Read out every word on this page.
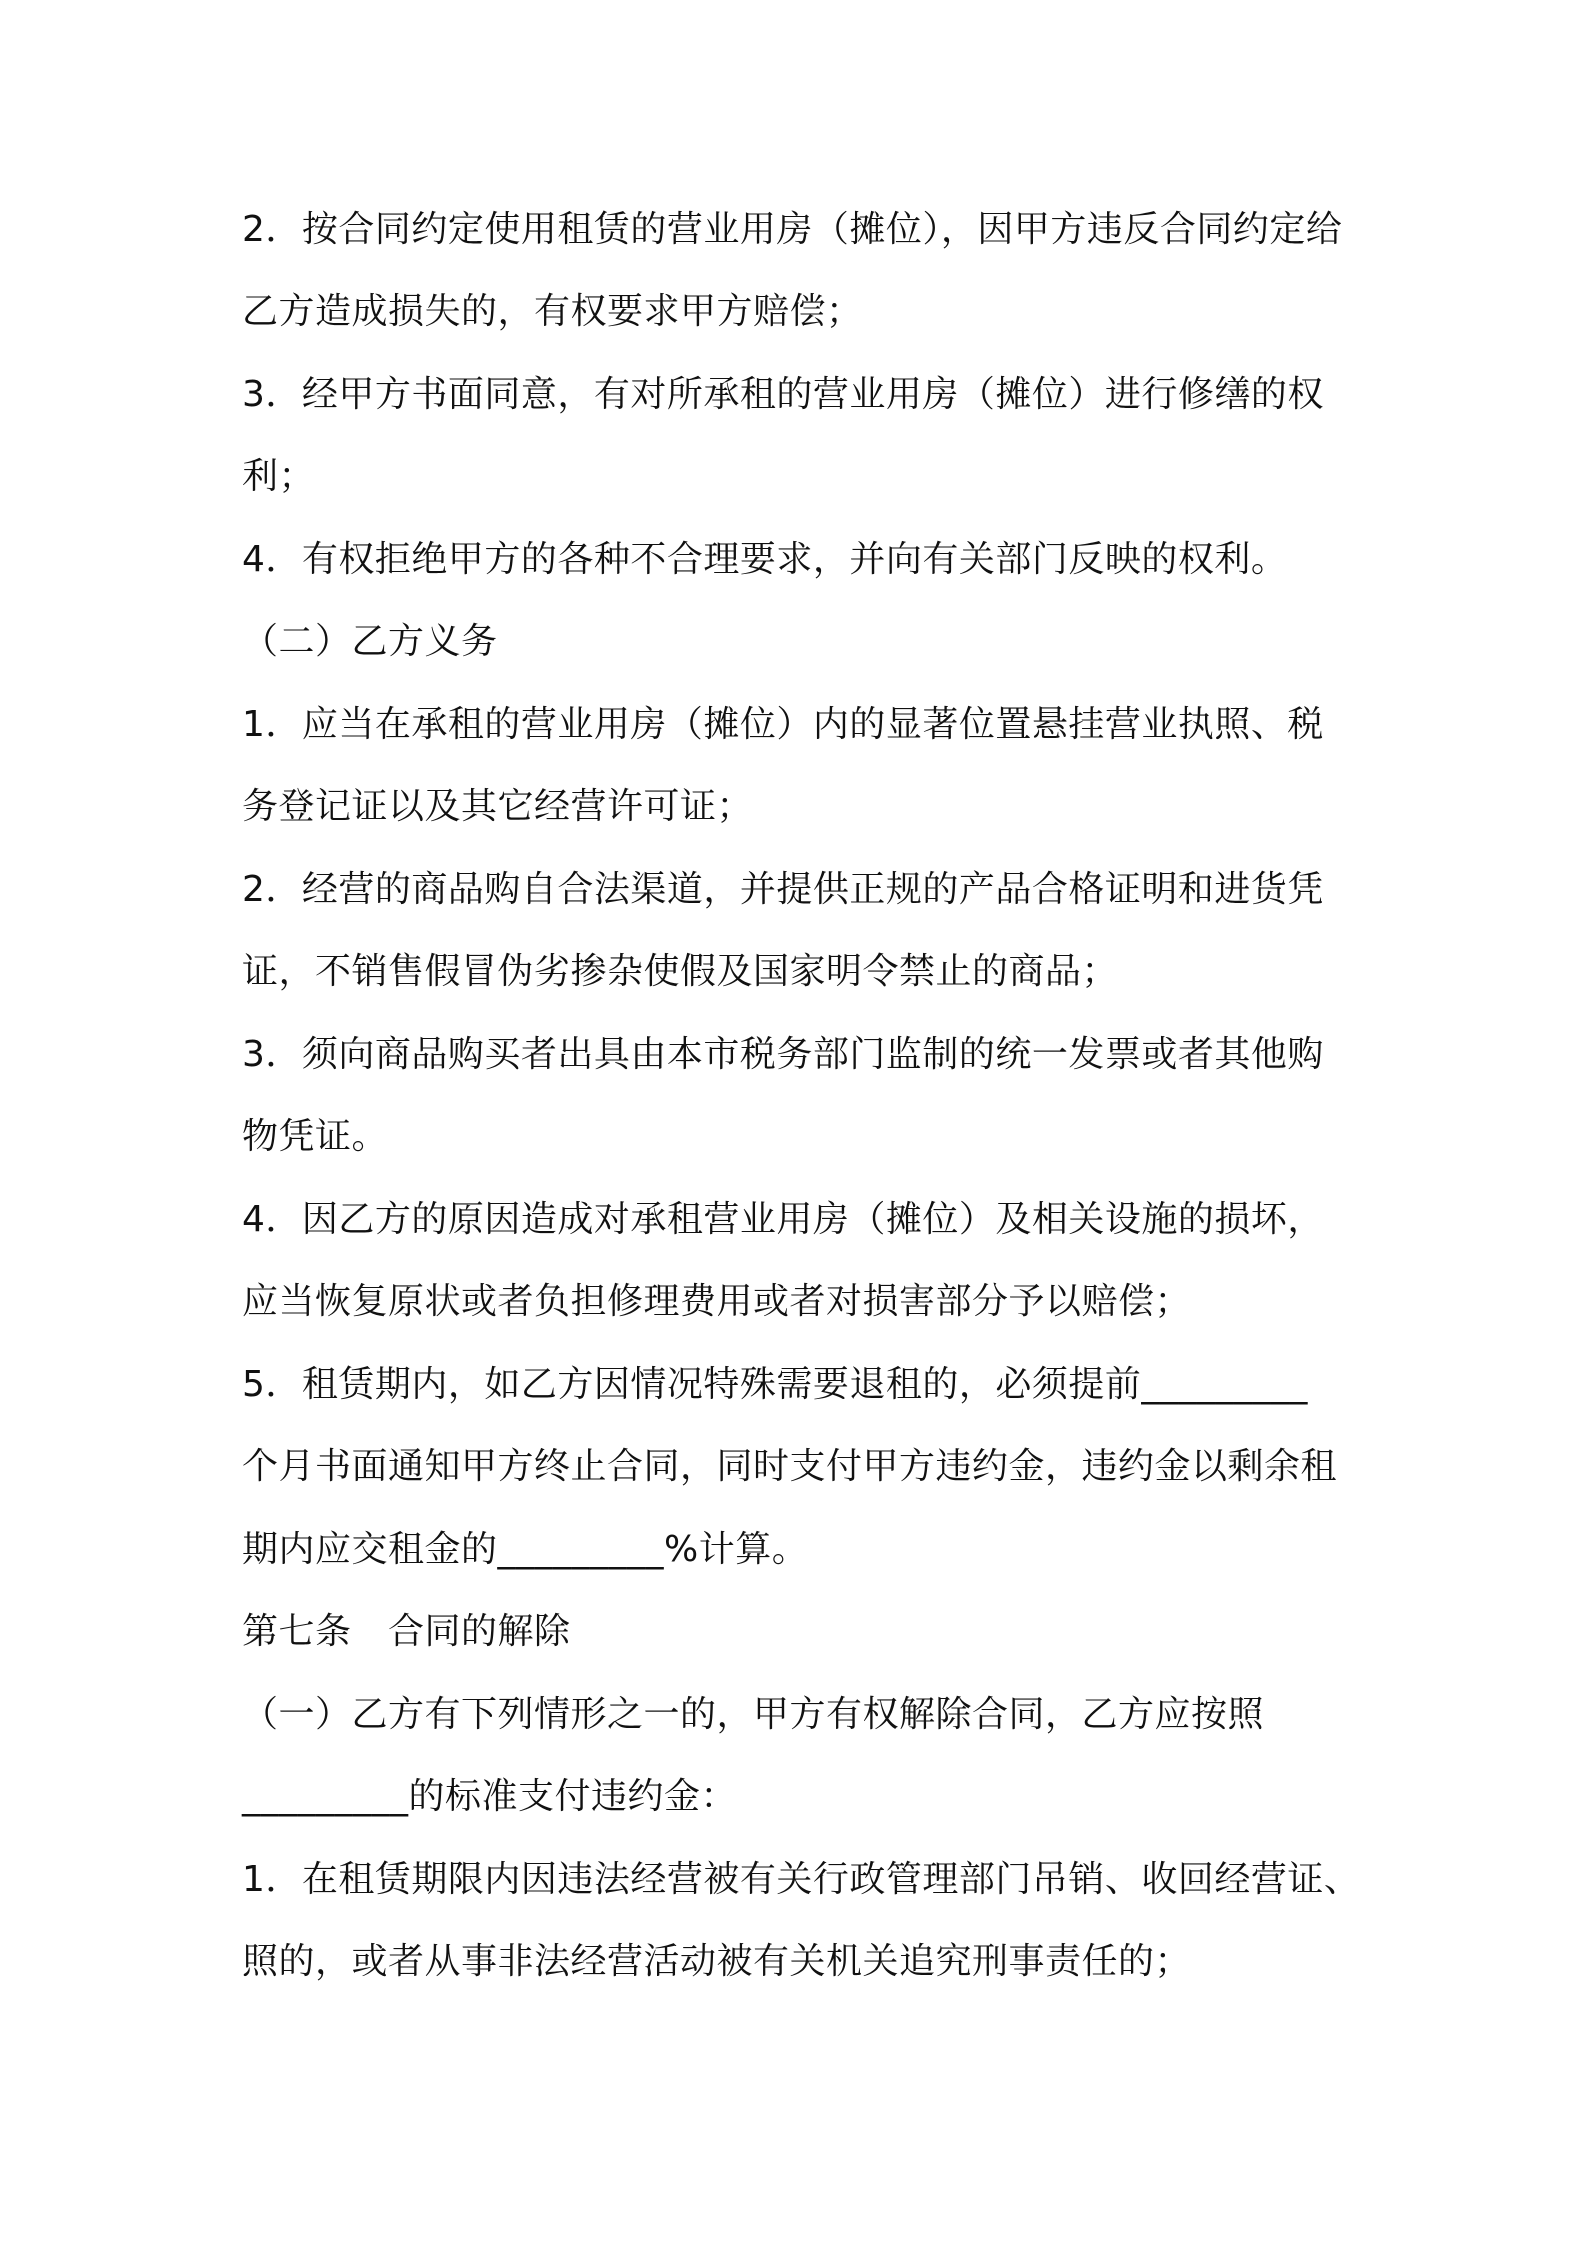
2．按合同约定使用租赁的营业用房（摊位），因甲方违反合同约定给

乙方造成损失的，有权要求甲方赔偿；

3．经甲方书面同意，有对所承租的营业用房（摊位）进行修缮的权

利；

4．有权拒绝甲方的各种不合理要求，并向有关部门反映的权利。

（二）乙方义务

1．应当在承租的营业用房（摊位）内的显著位置悬挂营业执照、税

务登记证以及其它经营许可证；

2．经营的商品购自合法渠道，并提供正规的产品合格证明和进货凭

证，不销售假冒伪劣掺杂使假及国家明令禁止的商品；

3．须向商品购买者出具由本市税务部门监制的统一发票或者其他购

物凭证。

4．因乙方的原因造成对承租营业用房（摊位）及相关设施的损坏，

应当恢复原状或者负担修理费用或者对损害部分予以赔偿；

5．租赁期内，如乙方因情况特殊需要退租的，必须提前_________

个月书面通知甲方终止合同，同时支付甲方违约金，违约金以剩余租

期内应交租金的_________%计算。

第七条　合同的解除

（一）乙方有下列情形之一的，甲方有权解除合同，乙方应按照

_________的标准支付违约金：

1．在租赁期限内因违法经营被有关行政管理部门吊销、收回经营证、

照的，或者从事非法经营活动被有关机关追究刑事责任的；
